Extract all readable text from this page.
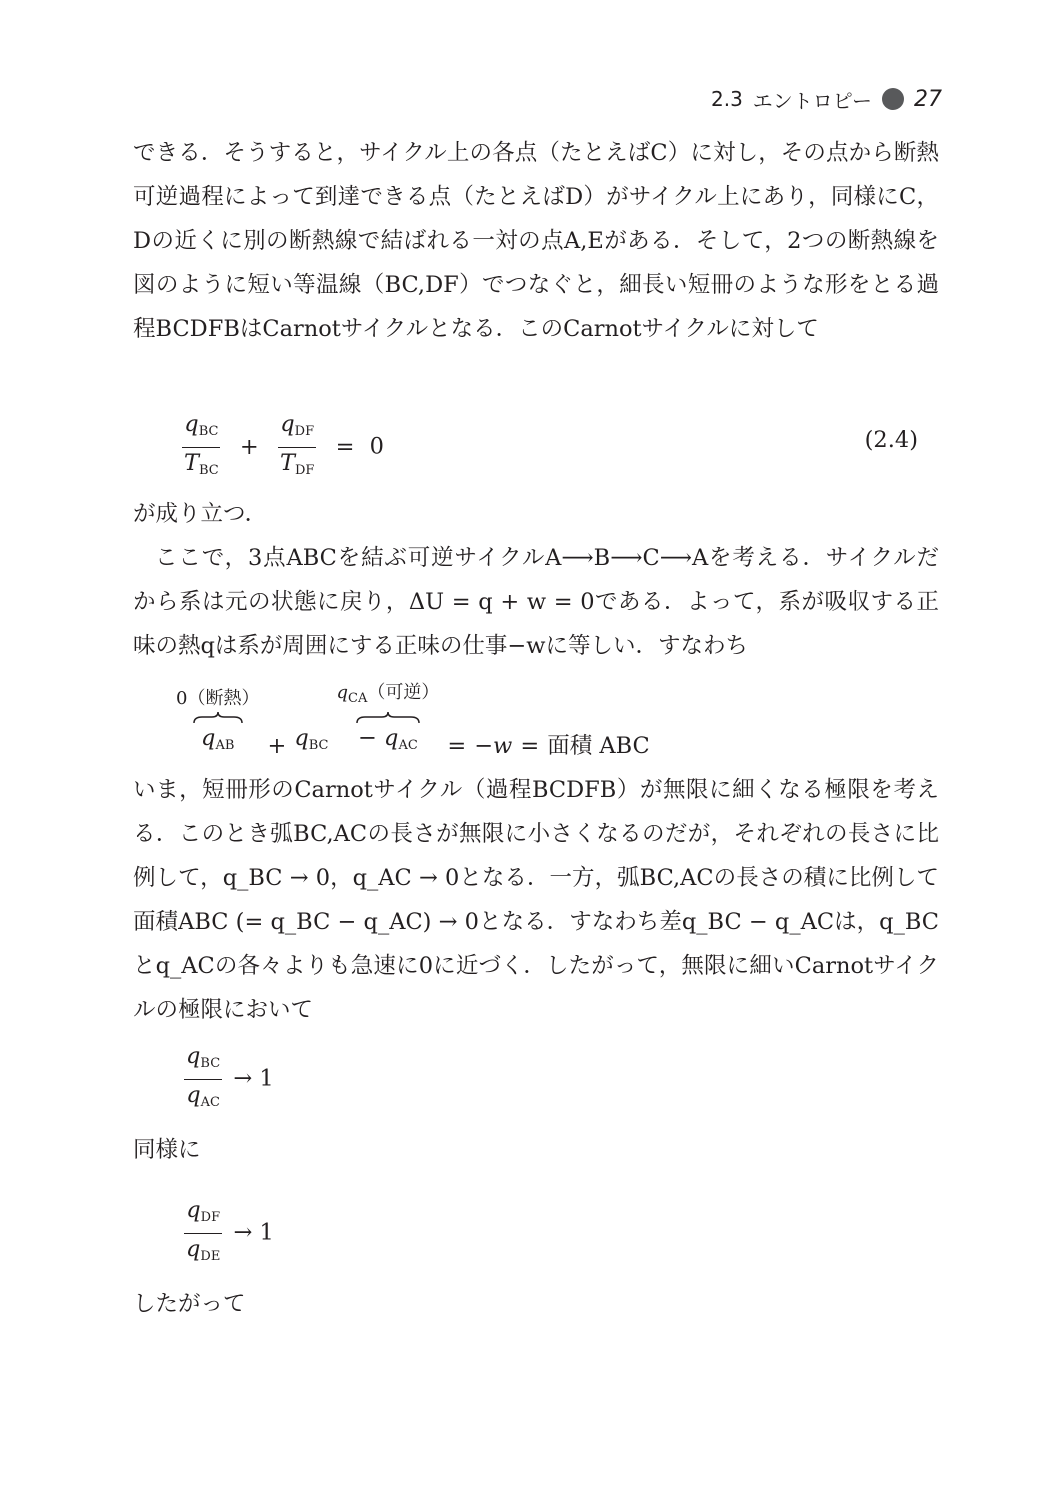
2.3 エントロピー 27
できる．そうすると，サイクル上の各点（たとえばC）に対し，その点から断熱可逆過程によって到達できる点（たとえばD）がサイクル上にあり，同様にC，Dの近くに別の断熱線で結ばれる一対の点A,Eがある．そして，2つの断熱線を図のように短い等温線（BC,DF）でつなぐと，細長い短冊のような形をとる過程BCDFBはCarnotサイクルとなる．このCarnotサイクルに対して
$\frac{q_{BC}}{T_{BC}} + \frac{q_{DF}}{T_{DF}} = 0$	(2.4)
が成り立つ．
ここで，3点ABCを結ぶ可逆サイクルA⟶B⟶C⟶Aを考える．サイクルだから系は元の状態に戻り，ΔU = q + w = 0である．よって，系が吸収する正味の熱qは系が周囲にする正味の仕事−wに等しい．すなわち
0（断熱）
$q_{AB} + q_{BC}$
$q_{CA}$（可逆）
− $q_{AC} = -w$ = 面積 ABC
いま，短冊形のCarnotサイクル（過程BCDFB）が無限に細くなる極限を考える．このとき弧BC,ACの長さが無限に小さくなるのだが，それぞれの長さに比例して，q_BC → 0，q_AC → 0となる．一方，弧BC,ACの長さの積に比例して面積ABC (= q_BC − q_AC) → 0となる．すなわち差q_BC − q_ACは，q_BCとq_ACの各々よりも急速に0に近づく．したがって，無限に細いCarnotサイクルの極限において
$\frac{q_{BC}}{q_{AC}} \to 1$
同様に
$\frac{q_{DF}}{q_{DE}} \to 1$
したがって
